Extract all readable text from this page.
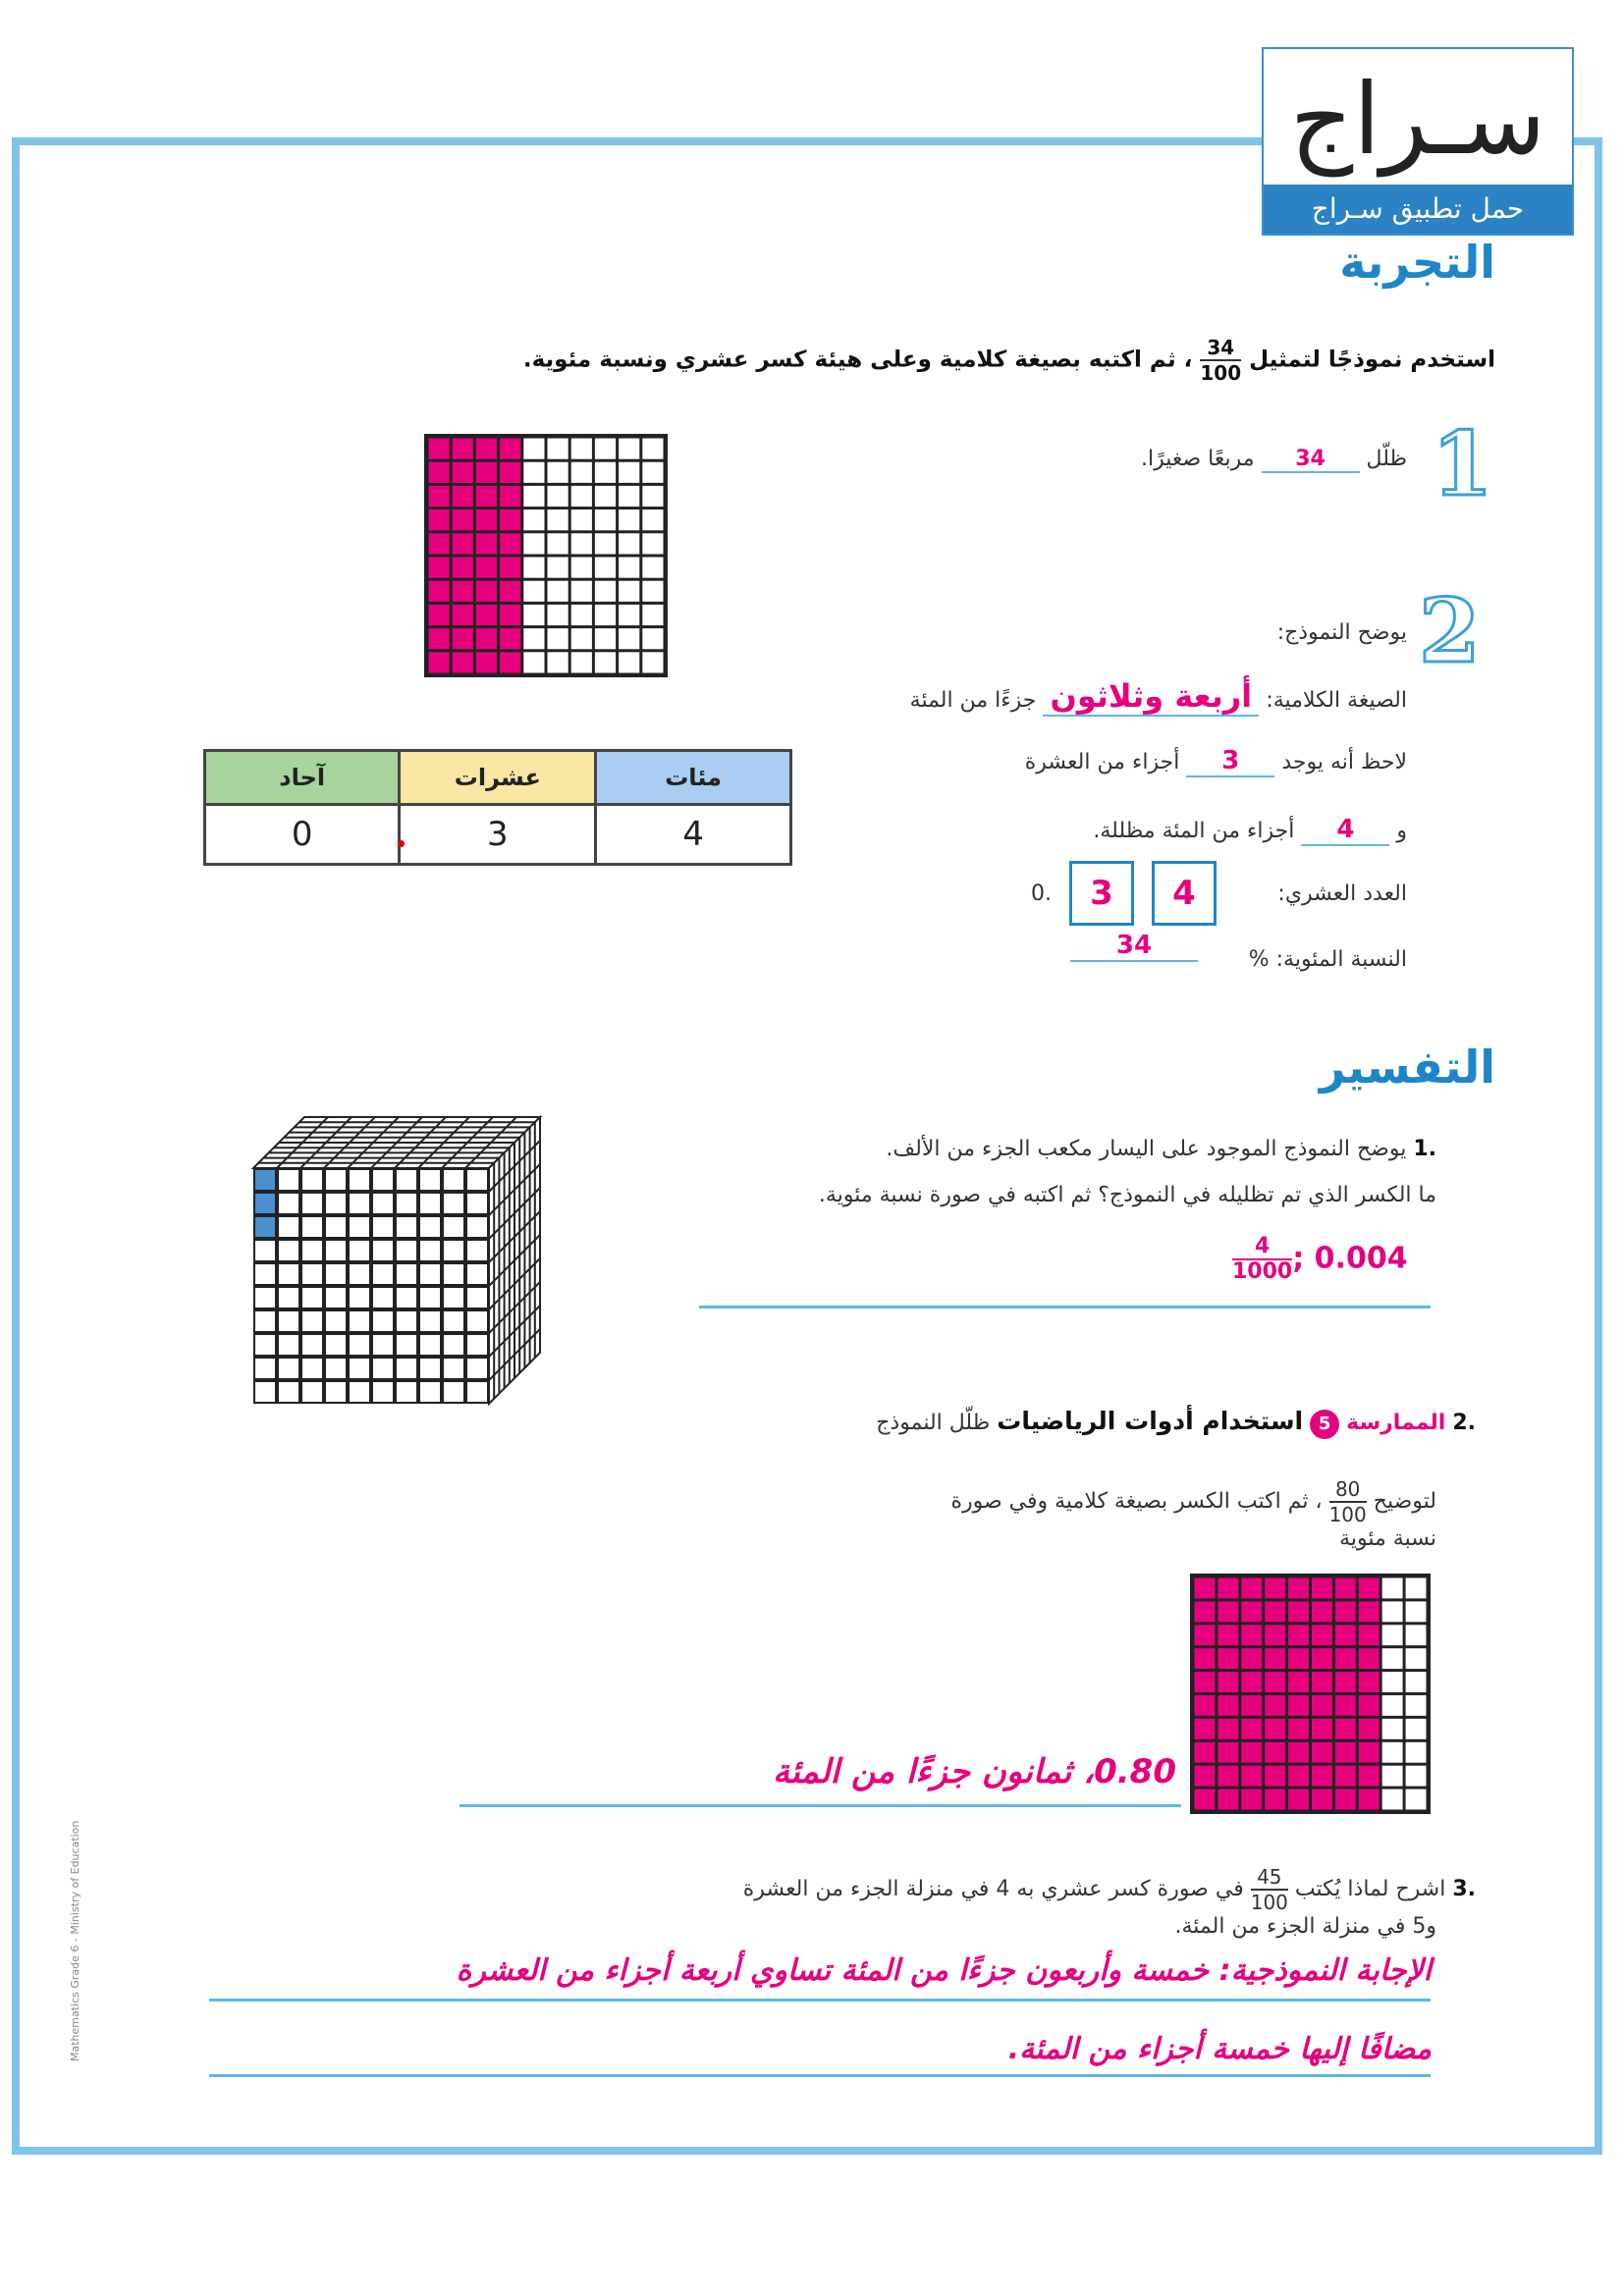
سـراج
حمل تطبيق سـراج
التجربة
استخدم نموذجًا لتمثيل
$\frac{34}{100}$
، ثم اكتبه بصيغة كلامية وعلى هيئة كسر عشري ونسبة مئوية.
1
ظلّل 34 مربعًا صغيرًا.
2
يوضح النموذج:
الصيغة الكلامية: أربعة وثلاثون جزءًا من المئة
لاحظ أنه يوجد 3 أجزاء من العشرة
و 4 أجزاء من المئة مظللة.
العدد العشري:
4
3
0.
النسبة المئوية: %
34
آحاد	عشرات	مئات
0	3	4
التفسير
.1 يوضح النموذج الموجود على اليسار مكعب الجزء من الألف.
ما الكسر الذي تم تظليله في النموذج؟ ثم اكتبه في صورة نسبة مئوية.
$\frac{4}{1000}$ ; 0.004
.2 الممارسة 5 استخدام أدوات الرياضيات ظلّل النموذج
لتوضيح
$\frac{80}{100}$
، ثم اكتب الكسر بصيغة كلامية وفي صورة
نسبة مئوية
0.80، ثمانون جزءًا من المئة
.3 اشرح لماذا يُكتب
$\frac{45}{100}$
في صورة كسر عشري به 4 في منزلة الجزء من العشرة
و5 في منزلة الجزء من المئة.
الإجابة النموذجية: خمسة وأربعون جزءًا من المئة تساوي أربعة أجزاء من العشرة
مضافًا إليها خمسة أجزاء من المئة.
Mathematics Grade 6 - Ministry of Education
